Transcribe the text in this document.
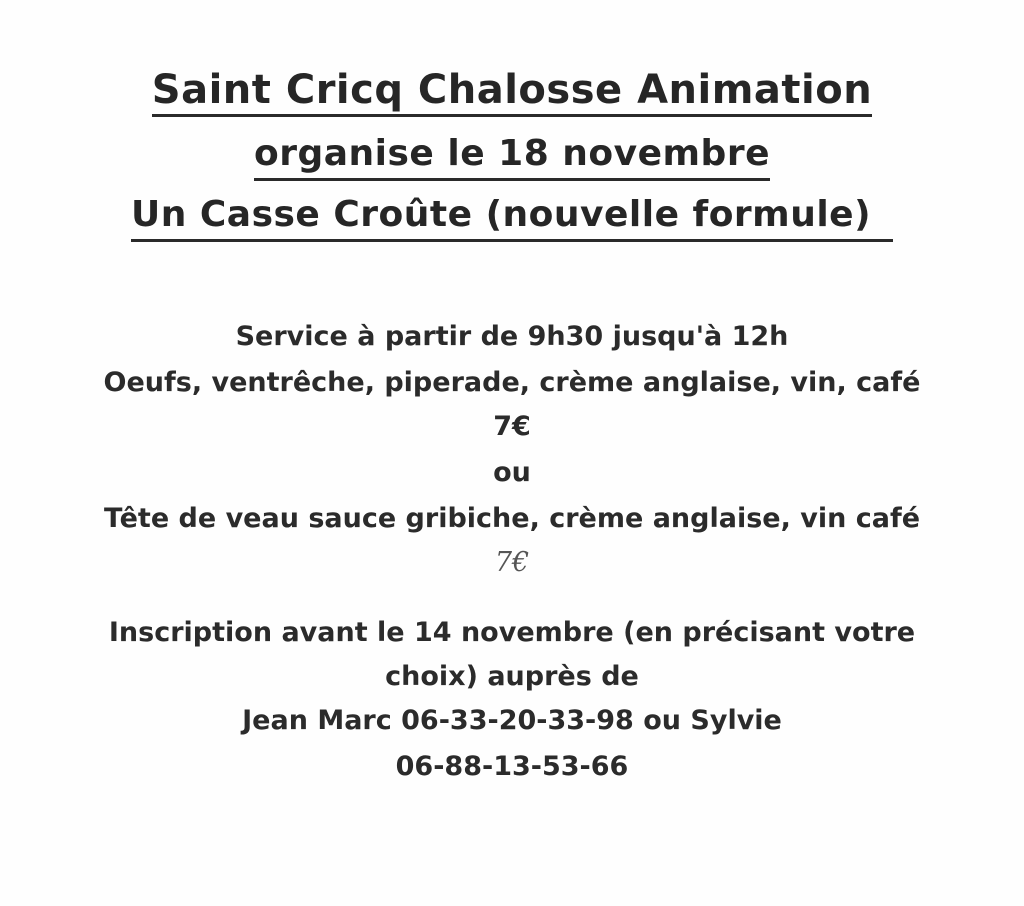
Saint Cricq Chalosse Animation
organise le 18 novembre
Un Casse Croûte (nouvelle formule)
Service à partir de 9h30 jusqu'à 12h
Oeufs, ventrêche, piperade, crème anglaise, vin, café
7€
ou
Tête de veau sauce gribiche, crème anglaise, vin café
7€
Inscription avant le 14 novembre (en précisant votre
choix) auprès de
Jean Marc 06-33-20-33-98 ou Sylvie
06-88-13-53-66
